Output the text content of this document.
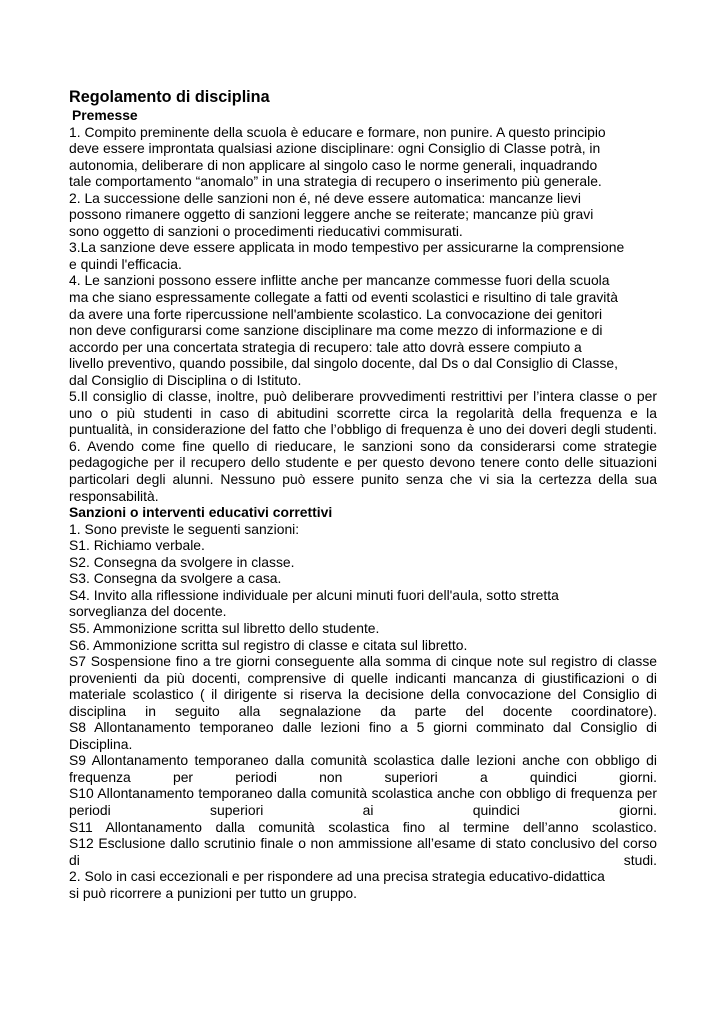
Regolamento di disciplina
Premesse
1. Compito preminente della scuola è educare e formare, non punire. A questo principio
deve essere improntata qualsiasi azione disciplinare: ogni Consiglio di Classe potrà, in
autonomia, deliberare di non applicare al singolo caso le norme generali, inquadrando
tale comportamento “anomalo” in una strategia di recupero o inserimento più generale.
2. La successione delle sanzioni non é, né deve essere automatica: mancanze lievi
possono rimanere oggetto di sanzioni leggere anche se reiterate; mancanze più gravi
sono oggetto di sanzioni o procedimenti rieducativi commisurati.
3.La sanzione deve essere applicata in modo tempestivo per assicurarne la comprensione
e quindi l'efficacia.
4. Le sanzioni possono essere inflitte anche per mancanze commesse fuori della scuola
ma che siano espressamente collegate a fatti od eventi scolastici e risultino di tale gravità
da avere una forte ripercussione nell'ambiente scolastico. La convocazione dei genitori
non deve configurarsi come sanzione disciplinare ma come mezzo di informazione e di
accordo per una concertata strategia di recupero: tale atto dovrà essere compiuto a
livello preventivo, quando possibile, dal singolo docente, dal Ds o dal Consiglio di Classe,
dal Consiglio di Disciplina o di Istituto.

5.Il consiglio di classe, inoltre, può deliberare provvedimenti restrittivi per l’intera classe o per uno o più studenti in caso di abitudini scorrette circa la regolarità della frequenza e la puntualità, in considerazione del fatto che l’obbligo di frequenza è uno dei doveri degli studenti.

6. Avendo come fine quello di rieducare, le sanzioni sono da considerarsi come strategie pedagogiche per il recupero dello studente e per questo devono tenere conto delle situazioni particolari degli alunni. Nessuno può essere punito senza che vi sia la certezza della sua responsabilità.

Sanzioni o interventi educativi correttivi
1. Sono previste le seguenti sanzioni:
S1. Richiamo verbale.
S2. Consegna da svolgere in classe.
S3. Consegna da svolgere a casa.
S4. Invito alla riflessione individuale per alcuni minuti fuori dell'aula, sotto stretta
sorveglianza del docente.
S5. Ammonizione scritta sul libretto dello studente.
S6. Ammonizione scritta sul registro di classe e citata sul libretto.

S7 Sospensione fino a tre giorni conseguente alla somma di cinque note sul registro di classe provenienti da più docenti, comprensive di quelle indicanti mancanza di giustificazioni o di materiale scolastico ( il dirigente si riserva la decisione della convocazione del Consiglio di disciplina in seguito alla segnalazione da parte del docente coordinatore).

S8 Allontanamento temporaneo dalle lezioni fino a 5 giorni comminato dal Consiglio di Disciplina.

S9 Allontanamento temporaneo dalla comunità scolastica dalle lezioni anche con obbligo di frequenza per periodi non superiori a quindici giorni.

S10 Allontanamento temporaneo dalla comunità scolastica anche con obbligo di frequenza per periodi superiori ai quindici giorni.

S11 Allontanamento dalla comunità scolastica fino al termine dell’anno scolastico.

S12 Esclusione dallo scrutinio finale o non ammissione all’esame di stato conclusivo del corso di studi.

2. Solo in casi eccezionali e per rispondere ad una precisa strategia educativo-didattica
si può ricorrere a punizioni per tutto un gruppo.
